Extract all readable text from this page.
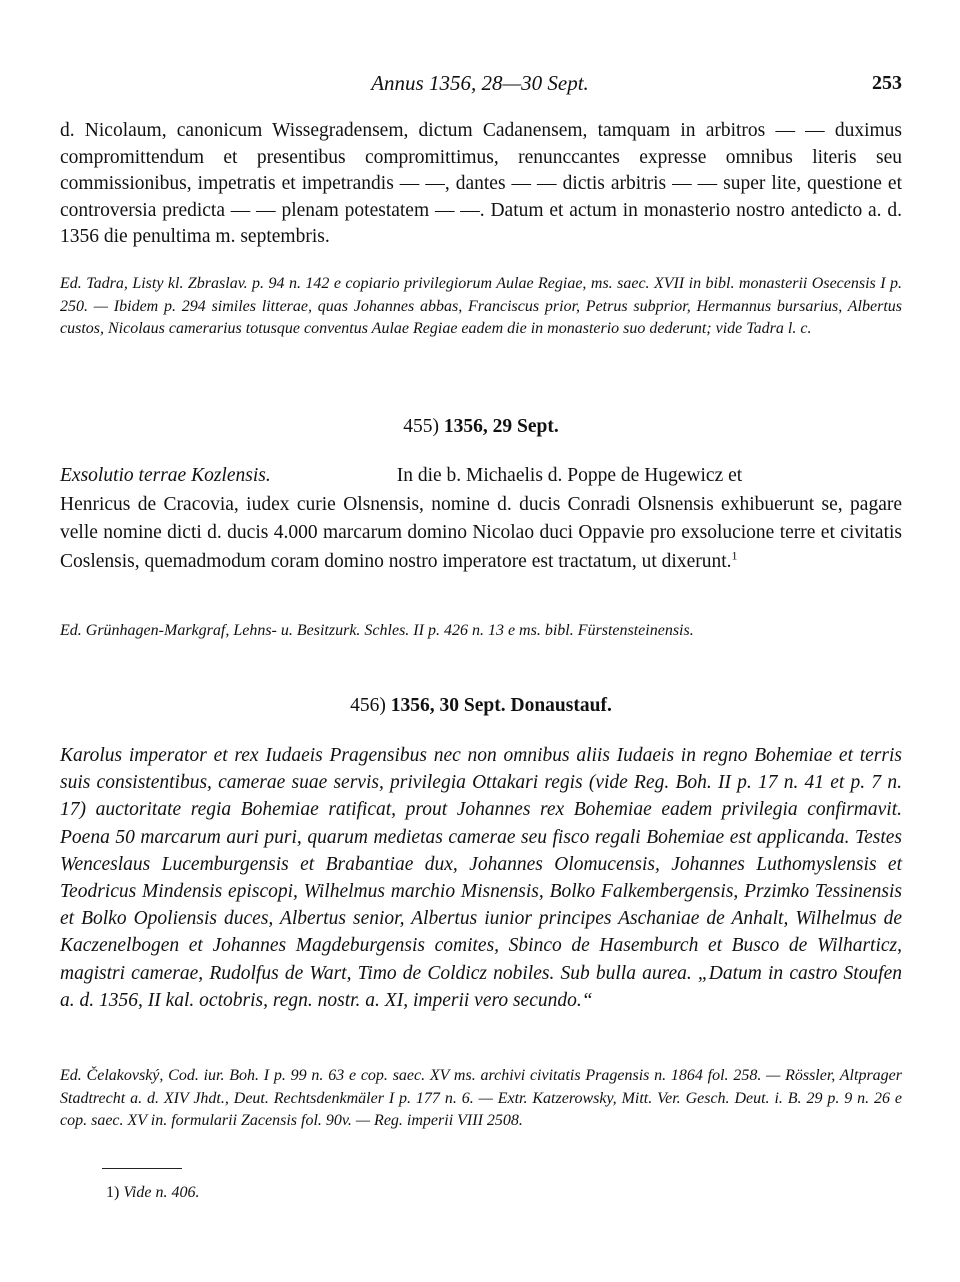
Annus 1356, 28—30 Sept.	253
d. Nicolaum, canonicum Wissegradensem, dictum Cadanensem, tamquam in arbitros — — duximus compromittendum et presentibus compromittimus, renunccantes expresse omnibus literis seu commissionibus, impetratis et impetrandis — —, dantes — — dictis arbitris — — super lite, questione et controversia predicta — — plenam potestatem — —. Datum et actum in monasterio nostro antedicto a. d. 1356 die penultima m. septembris.
Ed. Tadra, Listy kl. Zbraslav. p. 94 n. 142 e copiario privilegiorum Aulae Regiae, ms. saec. XVII in bibl. monasterii Osecensis I p. 250. — Ibidem p. 294 similes litterae, quas Johannes abbas, Franciscus prior, Petrus subprior, Hermannus bursarius, Albertus custos, Nicolaus camerarius totusque conventus Aulae Regiae eadem die in monasterio suo dederunt; vide Tadra l. c.
455) 1356, 29 Sept.
Exsolutio terrae Kozlensis.	In die b. Michaelis d. Poppe de Hugewicz et
Henricus de Cracovia, iudex curie Olsnensis, nomine d. ducis Conradi Olsnensis exhibuerunt se, pagare velle nomine dicti d. ducis 4.000 marcarum domino Nicolao duci Oppavie pro exsolucione terre et civitatis Coslensis, quemadmodum coram domino nostro imperatore est tractatum, ut dixerunt.$^1$
Ed. Grünhagen-Markgraf, Lehns- u. Besitzurk. Schles. II p. 426 n. 13 e ms. bibl. Fürstensteinensis.
456) 1356, 30 Sept. Donaustauf.
Karolus imperator et rex Iudaeis Pragensibus nec non omnibus aliis Iudaeis in regno Bohemiae et terris suis consistentibus, camerae suae servis, privilegia Ottakari regis (vide Reg. Boh. II p. 17 n. 41 et p. 7 n. 17) auctoritate regia Bohemiae ratificat, prout Johannes rex Bohemiae eadem privilegia confirmavit. Poena 50 marcarum auri puri, quarum medietas camerae seu fisco regali Bohemiae est applicanda. Testes Wenceslaus Lucemburgensis et Brabantiae dux, Johannes Olomucensis, Johannes Luthomyslensis et Teodricus Mindensis episcopi, Wilhelmus marchio Misnensis, Bolko Falkembergensis, Przimko Tessinensis et Bolko Opoliensis duces, Albertus senior, Albertus iunior principes Aschaniae de Anhalt, Wilhelmus de Kaczenelbogen et Johannes Magdeburgensis comites, Sbinco de Hasemburch et Busco de Wilharticz, magistri camerae, Rudolfus de Wart, Timo de Coldicz nobiles. Sub bulla aurea. „Datum in castro Stoufen a. d. 1356, II kal. octobris, regn. nostr. a. XI, imperii vero secundo.“
Ed. Čelakovský, Cod. iur. Boh. I p. 99 n. 63 e cop. saec. XV ms. archivi civitatis Pragensis n. 1864 fol. 258. — Rössler, Altprager Stadtrecht a. d. XIV Jhdt., Deut. Rechtsdenkmäler I p. 177 n. 6. — Extr. Katzerowsky, Mitt. Ver. Gesch. Deut. i. B. 29 p. 9 n. 26 e cop. saec. XV in. formularii Zacensis fol. 90v. — Reg. imperii VIII 2508.
1) Vide n. 406.
